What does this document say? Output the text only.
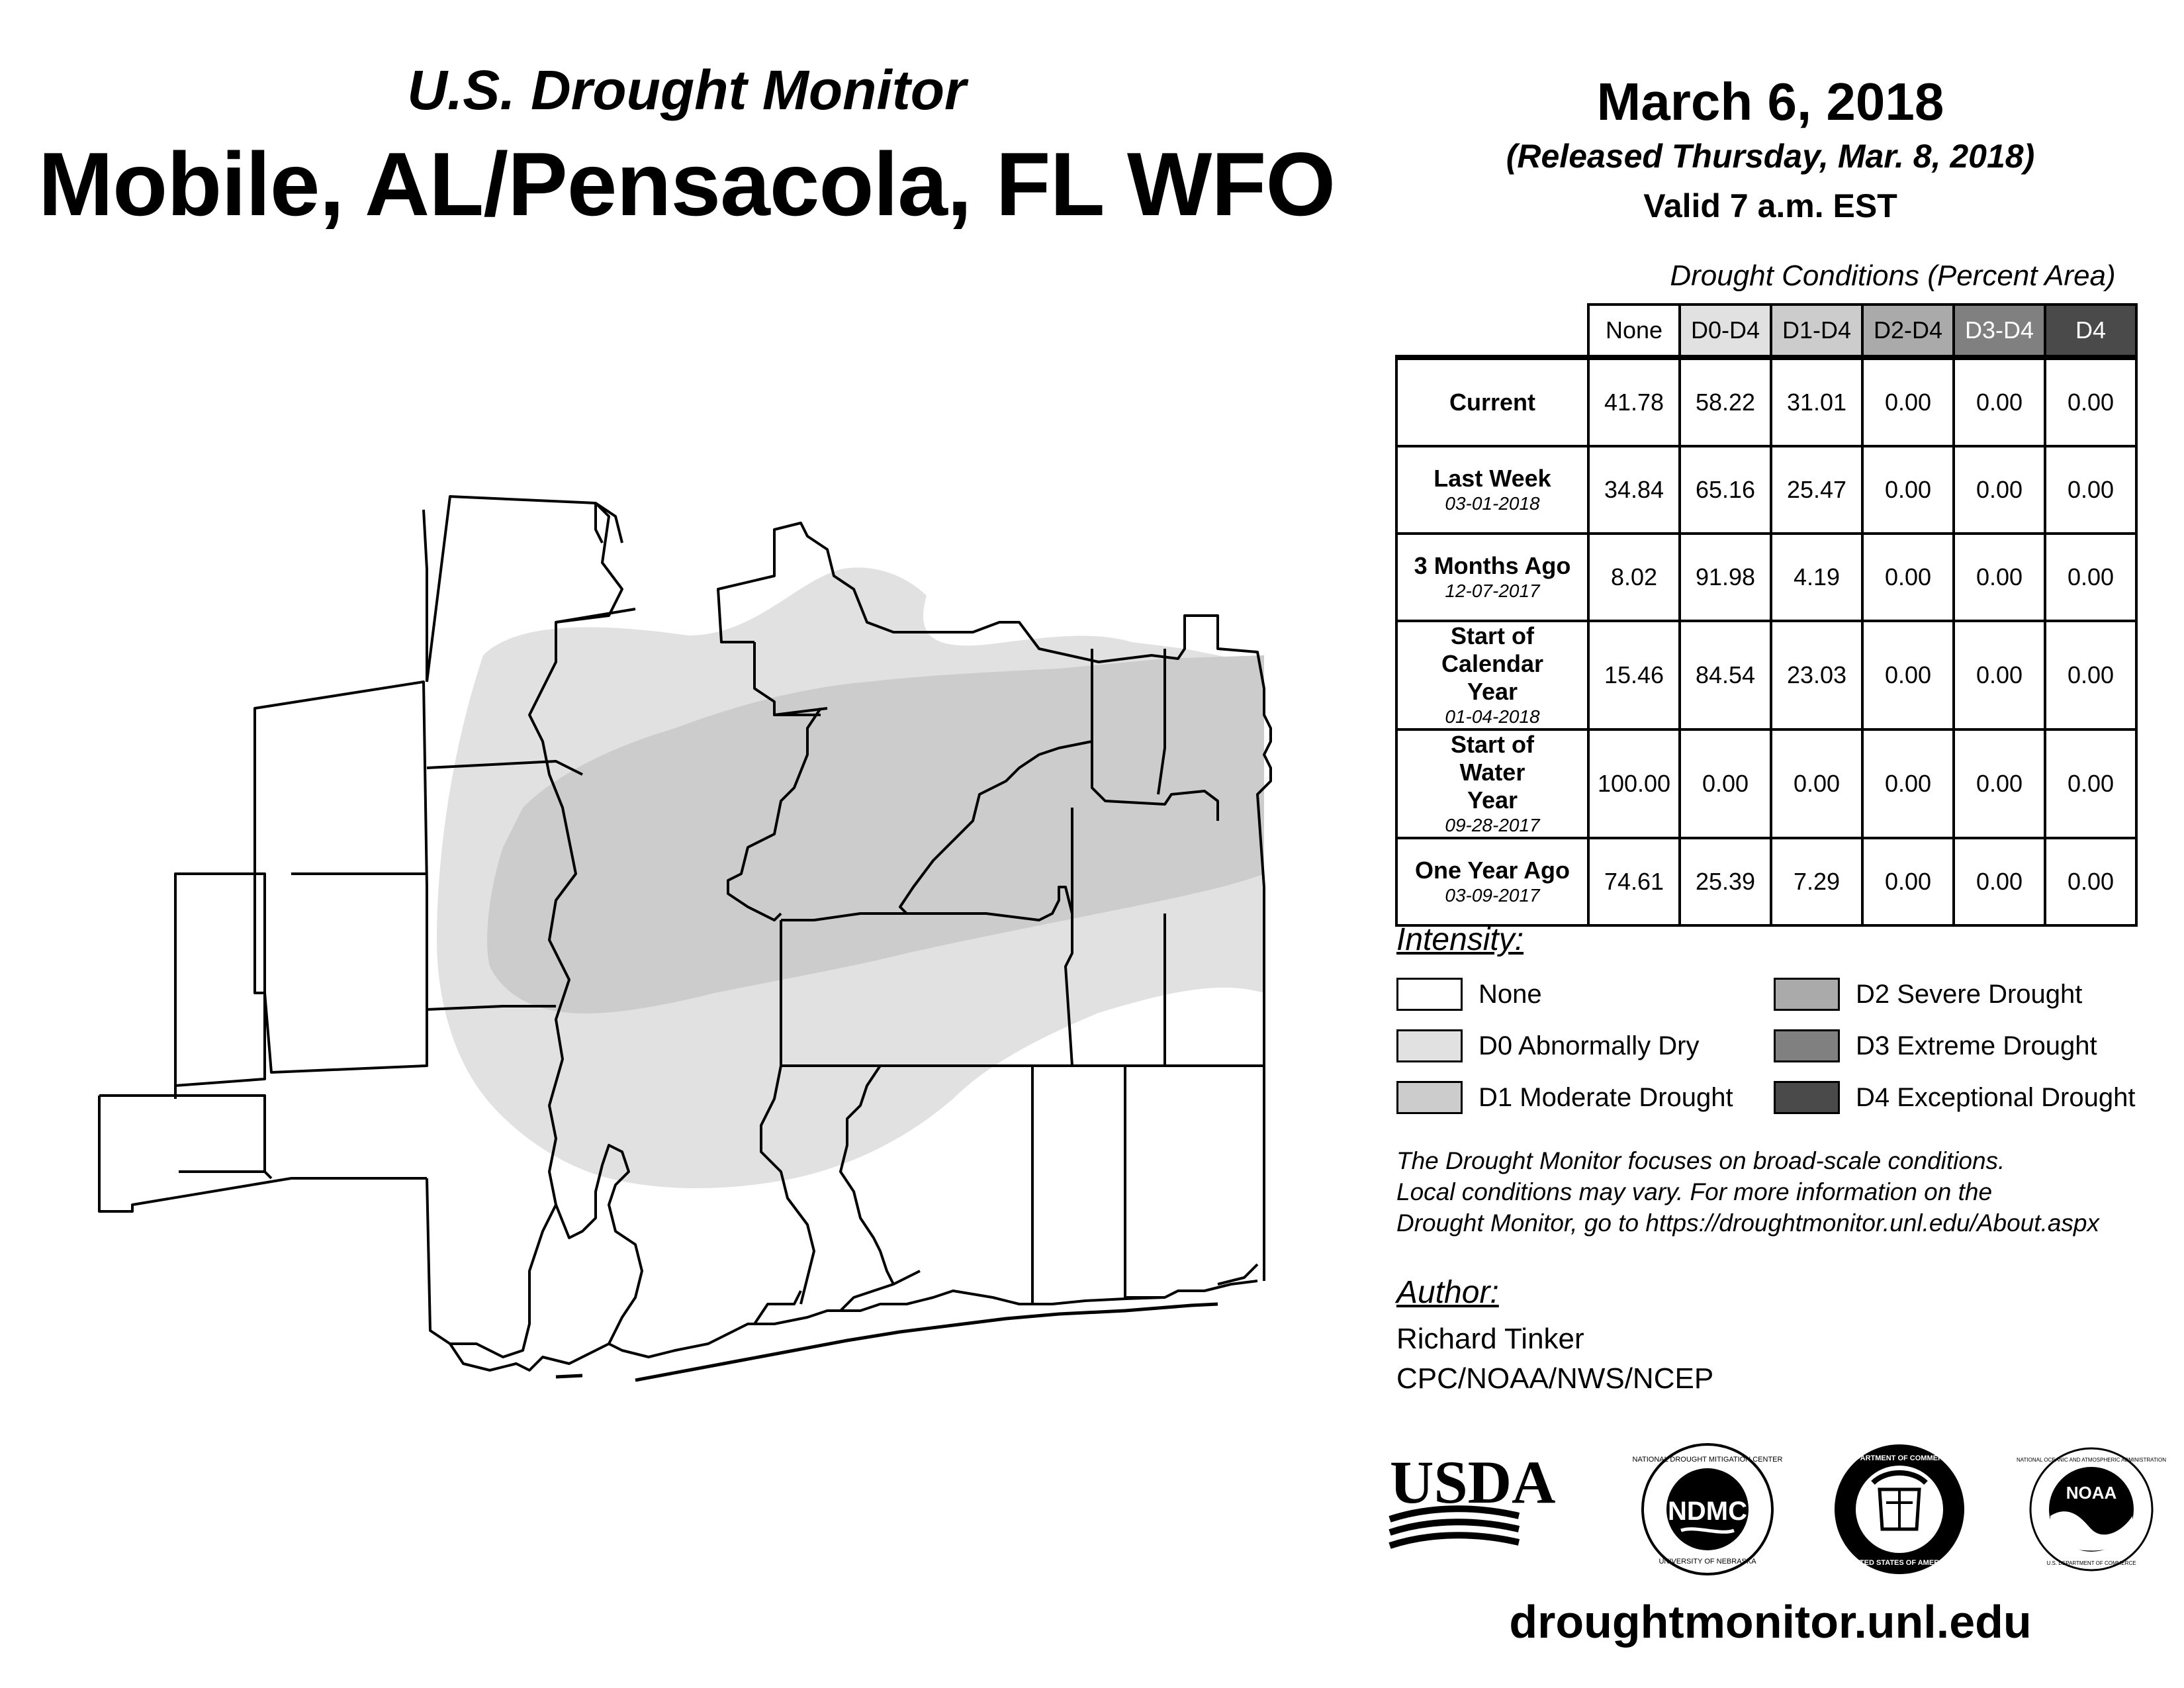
U.S. Drought Monitor
Mobile, AL/Pensacola, FL WFO
March 6, 2018
(Released Thursday, Mar. 8, 2018)
Valid 7 a.m. EST
Drought Conditions (Percent Area)
	None	D0-D4	D1-D4	D2-D4	D3-D4	D4
Current	41.78	58.22	31.01	0.00	0.00	0.00
Last Week
03-01-2018	34.84	65.16	25.47	0.00	0.00	0.00
3 Months Ago
12-07-2017	8.02	91.98	4.19	0.00	0.00	0.00

Start of Calendar Year
01-04-2018	15.46	84.54	23.03	0.00	0.00	0.00

Start of Water Year
09-28-2017	100.00	0.00	0.00	0.00	0.00	0.00
One Year Ago
03-09-2017	74.61	25.39	7.29	0.00	0.00	0.00
Intensity:
None
D0 Abnormally Dry
D1 Moderate Drought
D2 Severe Drought
D3 Extreme Drought
D4 Exceptional Drought
The Drought Monitor focuses on broad-scale conditions.
Local conditions may vary. For more information on the
Drought Monitor, go to https://droughtmonitor.unl.edu/About.aspx
Author:
Richard Tinker
CPC/NOAA/NWS/NCEP
USDA	NDMC
NATIONAL DROUGHT MITIGATION CENTER
UNIVERSITY OF NEBRASKA
DEPARTMENT OF COMMERCE
UNITED STATES OF AMERICA
NOAA
NATIONAL OCEANIC AND ATMOSPHERIC ADMINISTRATION
U.S. DEPARTMENT OF COMMERCE
droughtmonitor.unl.edu
